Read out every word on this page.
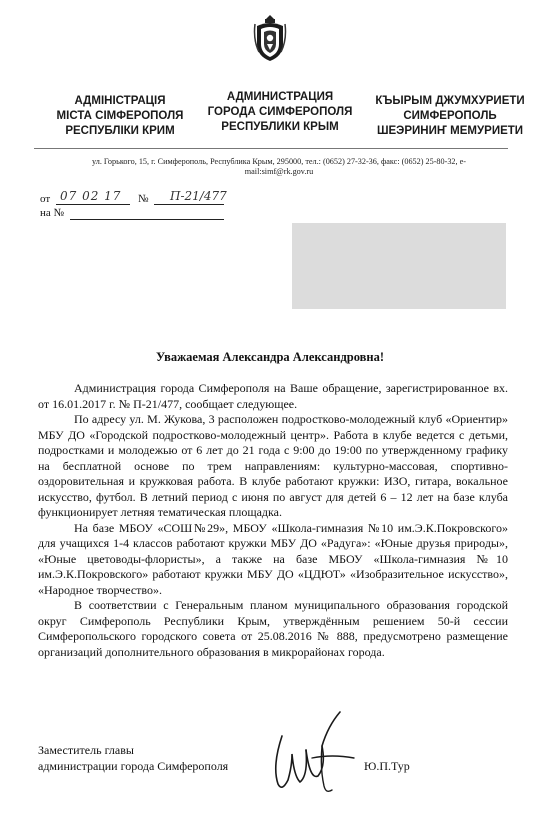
АДМІНІСТРАЦІЯ
МІСТА СІМФЕРОПОЛЯ
РЕСПУБЛІКИ КРИМ
АДМИНИСТРАЦИЯ
ГОРОДА СИМФЕРОПОЛЯ
РЕСПУБЛИКИ КРЫМ
КЪЫРЫМ ДЖУМХУРИЕТИ
СИМФЕРОПОЛЬ
ШЕЭРИНИҤ МЕМУРИЕТИ
ул. Горького, 15, г. Симферополь, Республика Крым, 295000, тел.: (0652) 27-32-36, факс: (0652) 25-80-32, e-
mail:simf@rk.gov.ru
от 07 02 17 № П-21/477
на №
Уважаемая Александра Александровна!

Администрация города Симферополя на Ваше обращение, зарегистрированное вх. от 16.01.2017 г. № П-21/477, сообщает следующее.

По адресу ул. М. Жукова, 3 расположен подростково-молодежный клуб «Ориентир» МБУ ДО «Городской подростково-молодежный центр». Работа в клубе ведется с детьми, подростками и молодежью от 6 лет до 21 года с 9:00 до 19:00 по утвержденному графику на бесплатной основе по трем направлениям: культурно-массовая, спортивно-оздоровительная и кружковая работа. В клубе работают кружки: ИЗО, гитара, вокальное искусство, футбол. В летний период с июня по август для детей 6 – 12 лет на базе клуба функционирует летняя тематическая площадка.

На базе МБОУ «СОШ№29», МБОУ «Школа-гимназия №10 им.Э.К.Покровского» для учащихся 1-4 классов работают кружки МБУ ДО «Радуга»: «Юные друзья природы», «Юные цветоводы-флористы», а также на базе МБОУ «Школа-гимназия №10 им.Э.К.Покровского» работают кружки МБУ ДО «ЦДЮТ» «Изобразительное искусство», «Народное творчество».

В соответствии с Генеральным планом муниципального образования городской округ Симферополь Республики Крым, утверждённым решением 50-й сессии Симферопольского городского совета от 25.08.2016 № 888, предусмотрено размещение организаций дополнительного образования в микрорайонах города.

Заместитель главы
администрации города Симферополя	Ю.П.Тур
